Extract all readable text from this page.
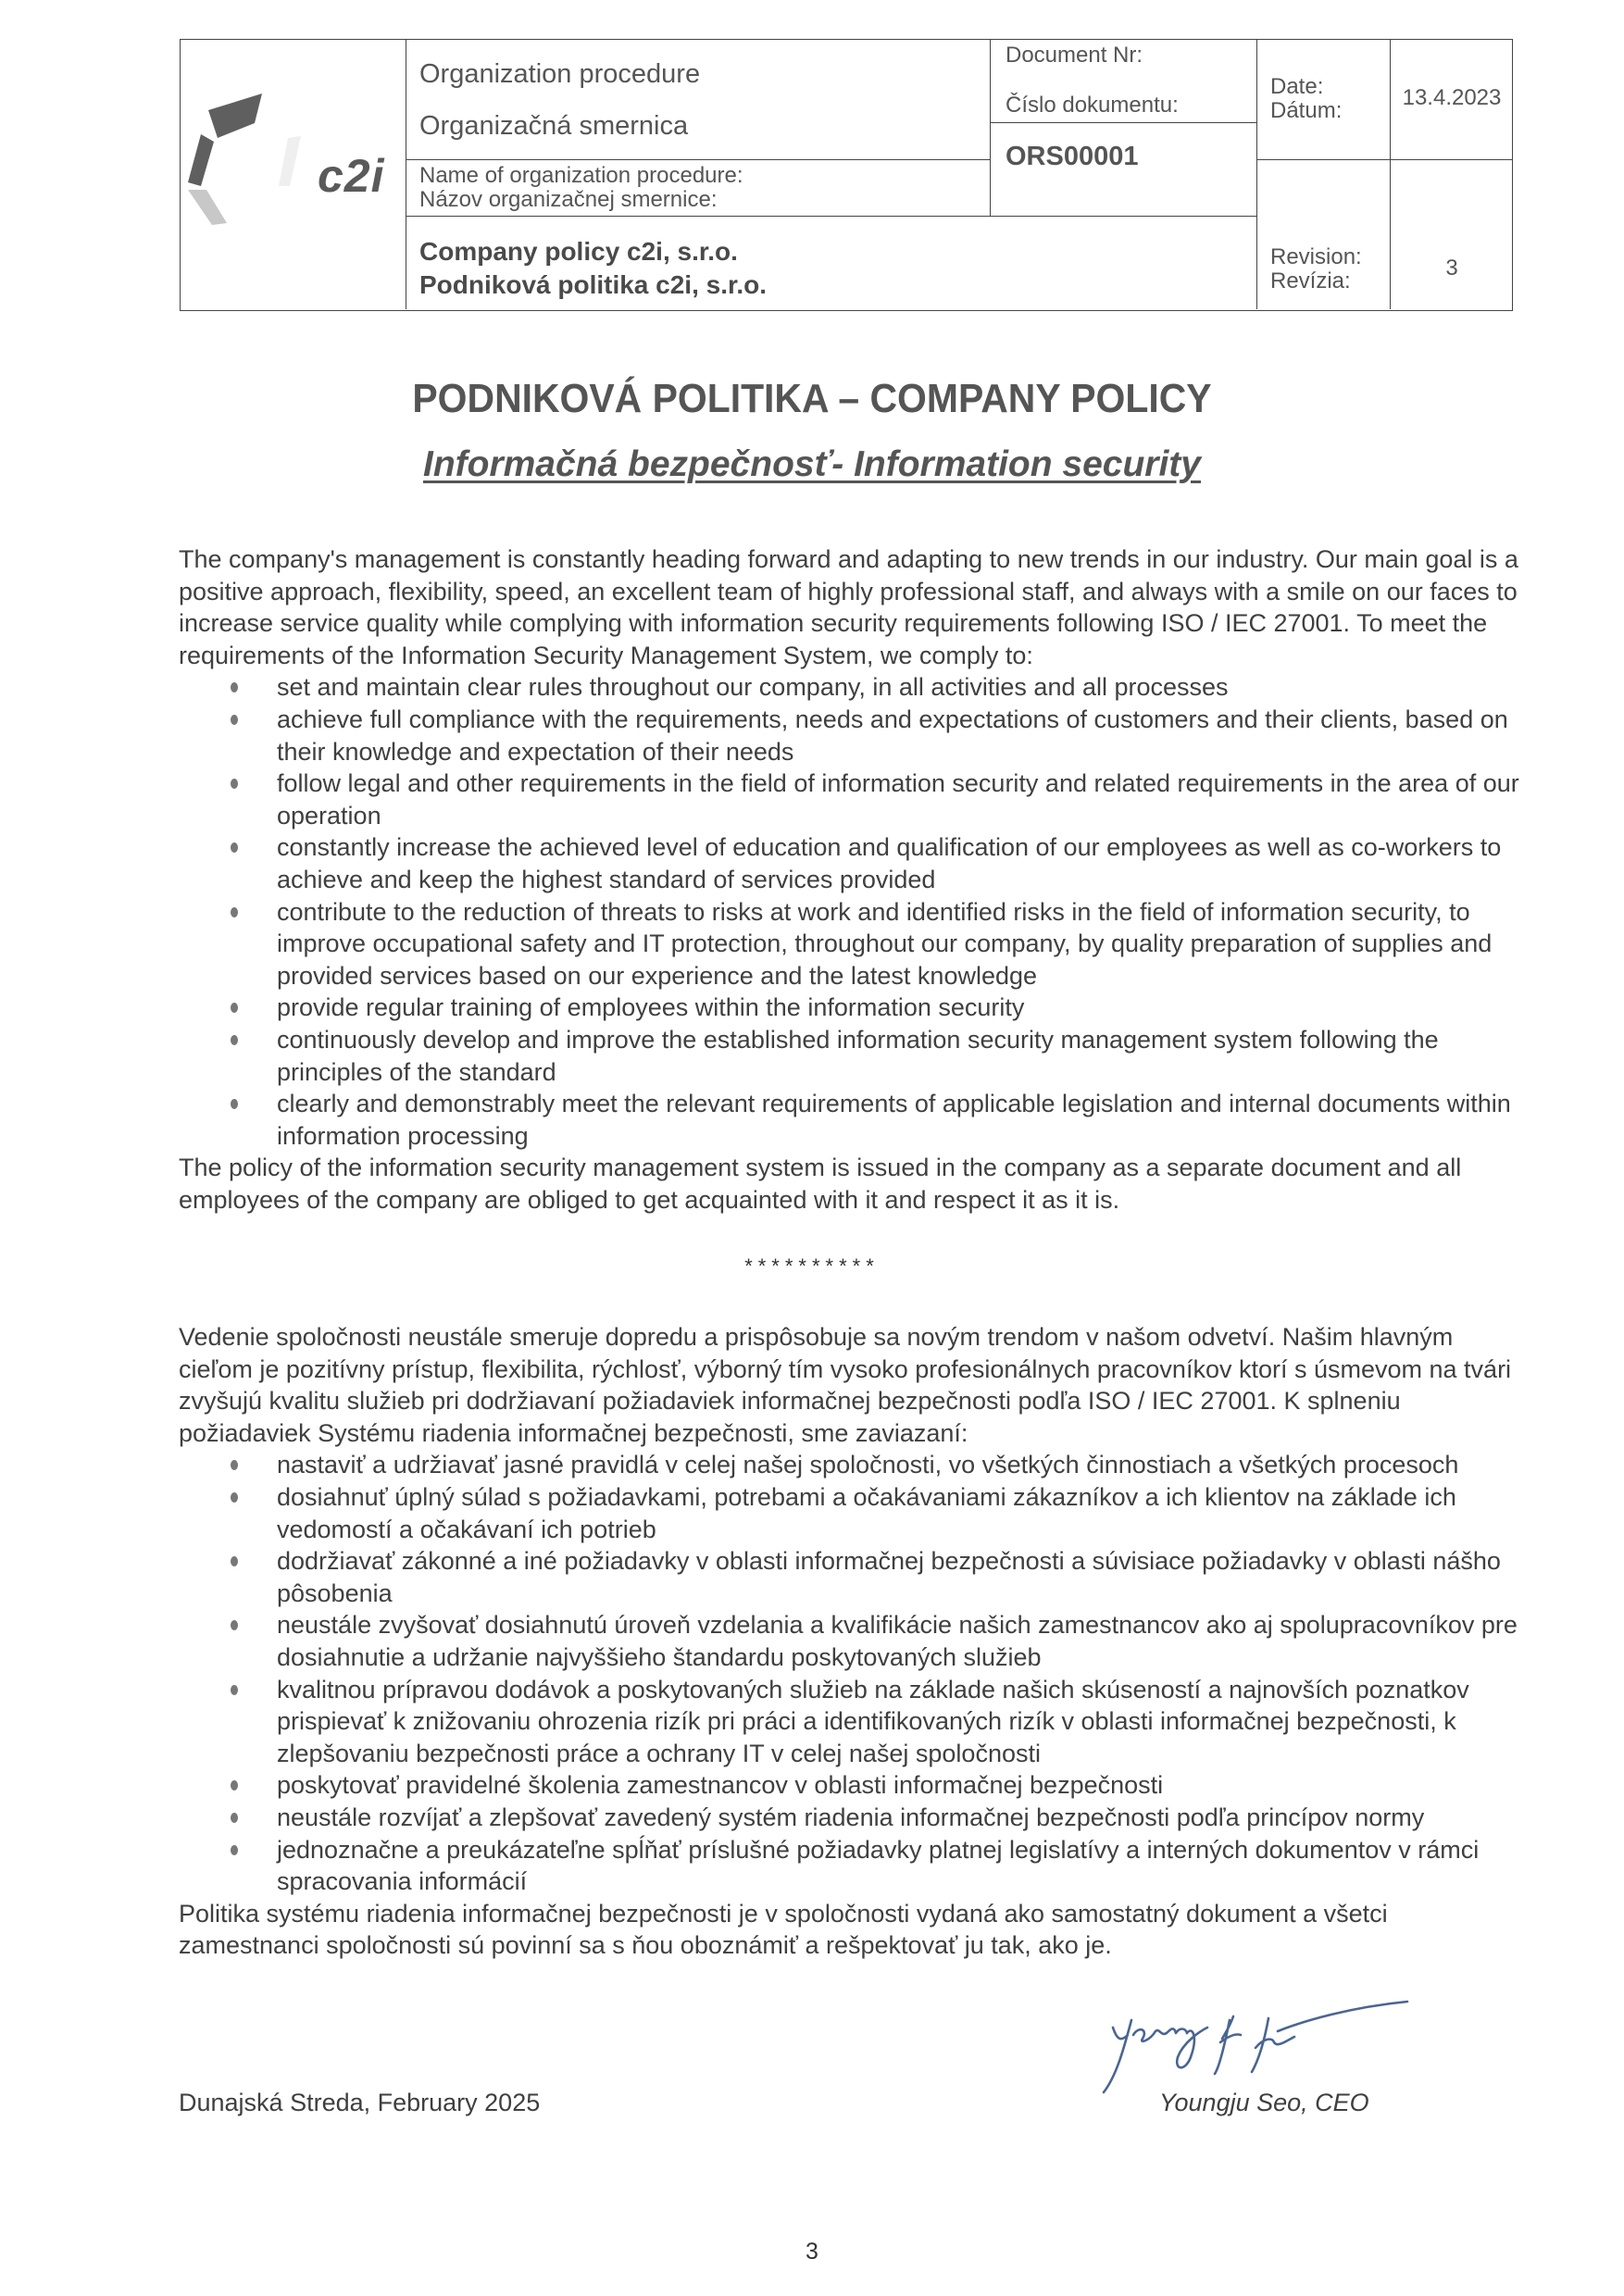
c2i
Organization procedure
Organizačná smernica
Name of organization procedure:
Názov organizačnej smernice:
Company policy c2i, s.r.o.
Podniková politika c2i, s.r.o.
Document Nr:
Číslo dokumentu:
ORS00001
Date:
Dátum:
13.4.2023
Revision:
Revízia:
3
PODNIKOVÁ POLITIKA – COMPANY POLICY
Informačná bezpečnosť- Information security

The company's management is constantly heading forward and adapting to new trends in our industry. Our main goal is a positive approach, flexibility, speed, an excellent team of highly professional staff, and always with a smile on our faces to increase service quality while complying with information security requirements following ISO / IEC 27001. To meet the requirements of the Information Security Management System, we comply to:

set and maintain clear rules throughout our company, in all activities and all processes
achieve full compliance with the requirements, needs and expectations of customers and their clients, based on their knowledge and expectation of their needs
follow legal and other requirements in the field of information security and related requirements in the area of our operation
constantly increase the achieved level of education and qualification of our employees as well as co-workers to achieve and keep the highest standard of services provided
contribute to the reduction of threats to risks at work and identified risks in the field of information security, to improve occupational safety and IT protection, throughout our company, by quality preparation of supplies and provided services based on our experience and the latest knowledge
provide regular training of employees within the information security
continuously develop and improve the established information security management system following the principles of the standard
clearly and demonstrably meet the relevant requirements of applicable legislation and internal documents within information processing

The policy of the information security management system is issued in the company as a separate document and all employees of the company are obliged to get acquainted with it and respect it as it is.

**********

Vedenie spoločnosti neustále smeruje dopredu a prispôsobuje sa novým trendom v našom odvetví. Našim hlavným cieľom je pozitívny prístup, flexibilita, rýchlosť, výborný tím vysoko profesionálnych pracovníkov ktorí s úsmevom na tvári zvyšujú kvalitu služieb pri dodržiavaní požiadaviek informačnej bezpečnosti podľa ISO / IEC 27001. K splneniu požiadaviek Systému riadenia informačnej bezpečnosti, sme zaviazaní:

nastaviť a udržiavať jasné pravidlá v celej našej spoločnosti, vo všetkých činnostiach a všetkých procesoch
dosiahnuť úplný súlad s požiadavkami, potrebami a očakávaniami zákazníkov a ich klientov na základe ich vedomostí a očakávaní ich potrieb
dodržiavať zákonné a iné požiadavky v oblasti informačnej bezpečnosti a súvisiace požiadavky v oblasti nášho pôsobenia
neustále zvyšovať dosiahnutú úroveň vzdelania a kvalifikácie našich zamestnancov ako aj spolupracovníkov pre dosiahnutie a udržanie najvyššieho štandardu poskytovaných služieb
kvalitnou prípravou dodávok a poskytovaných služieb na základe našich skúseností a najnovších poznatkov prispievať k znižovaniu ohrozenia rizík pri práci a identifikovaných rizík v oblasti informačnej bezpečnosti, k zlepšovaniu bezpečnosti práce a ochrany IT v celej našej spoločnosti
poskytovať pravidelné školenia zamestnancov v oblasti informačnej bezpečnosti
neustále rozvíjať a zlepšovať zavedený systém riadenia informačnej bezpečnosti podľa princípov normy
jednoznačne a preukázateľne spĺňať príslušné požiadavky platnej legislatívy a interných dokumentov v rámci spracovania informácií

Politika systému riadenia informačnej bezpečnosti je v spoločnosti vydaná ako samostatný dokument a všetci zamestnanci spoločnosti sú povinní sa s ňou oboznámiť a rešpektovať ju tak, ako je.

Dunajská Streda, February 2025	Youngju Seo, CEO
3
